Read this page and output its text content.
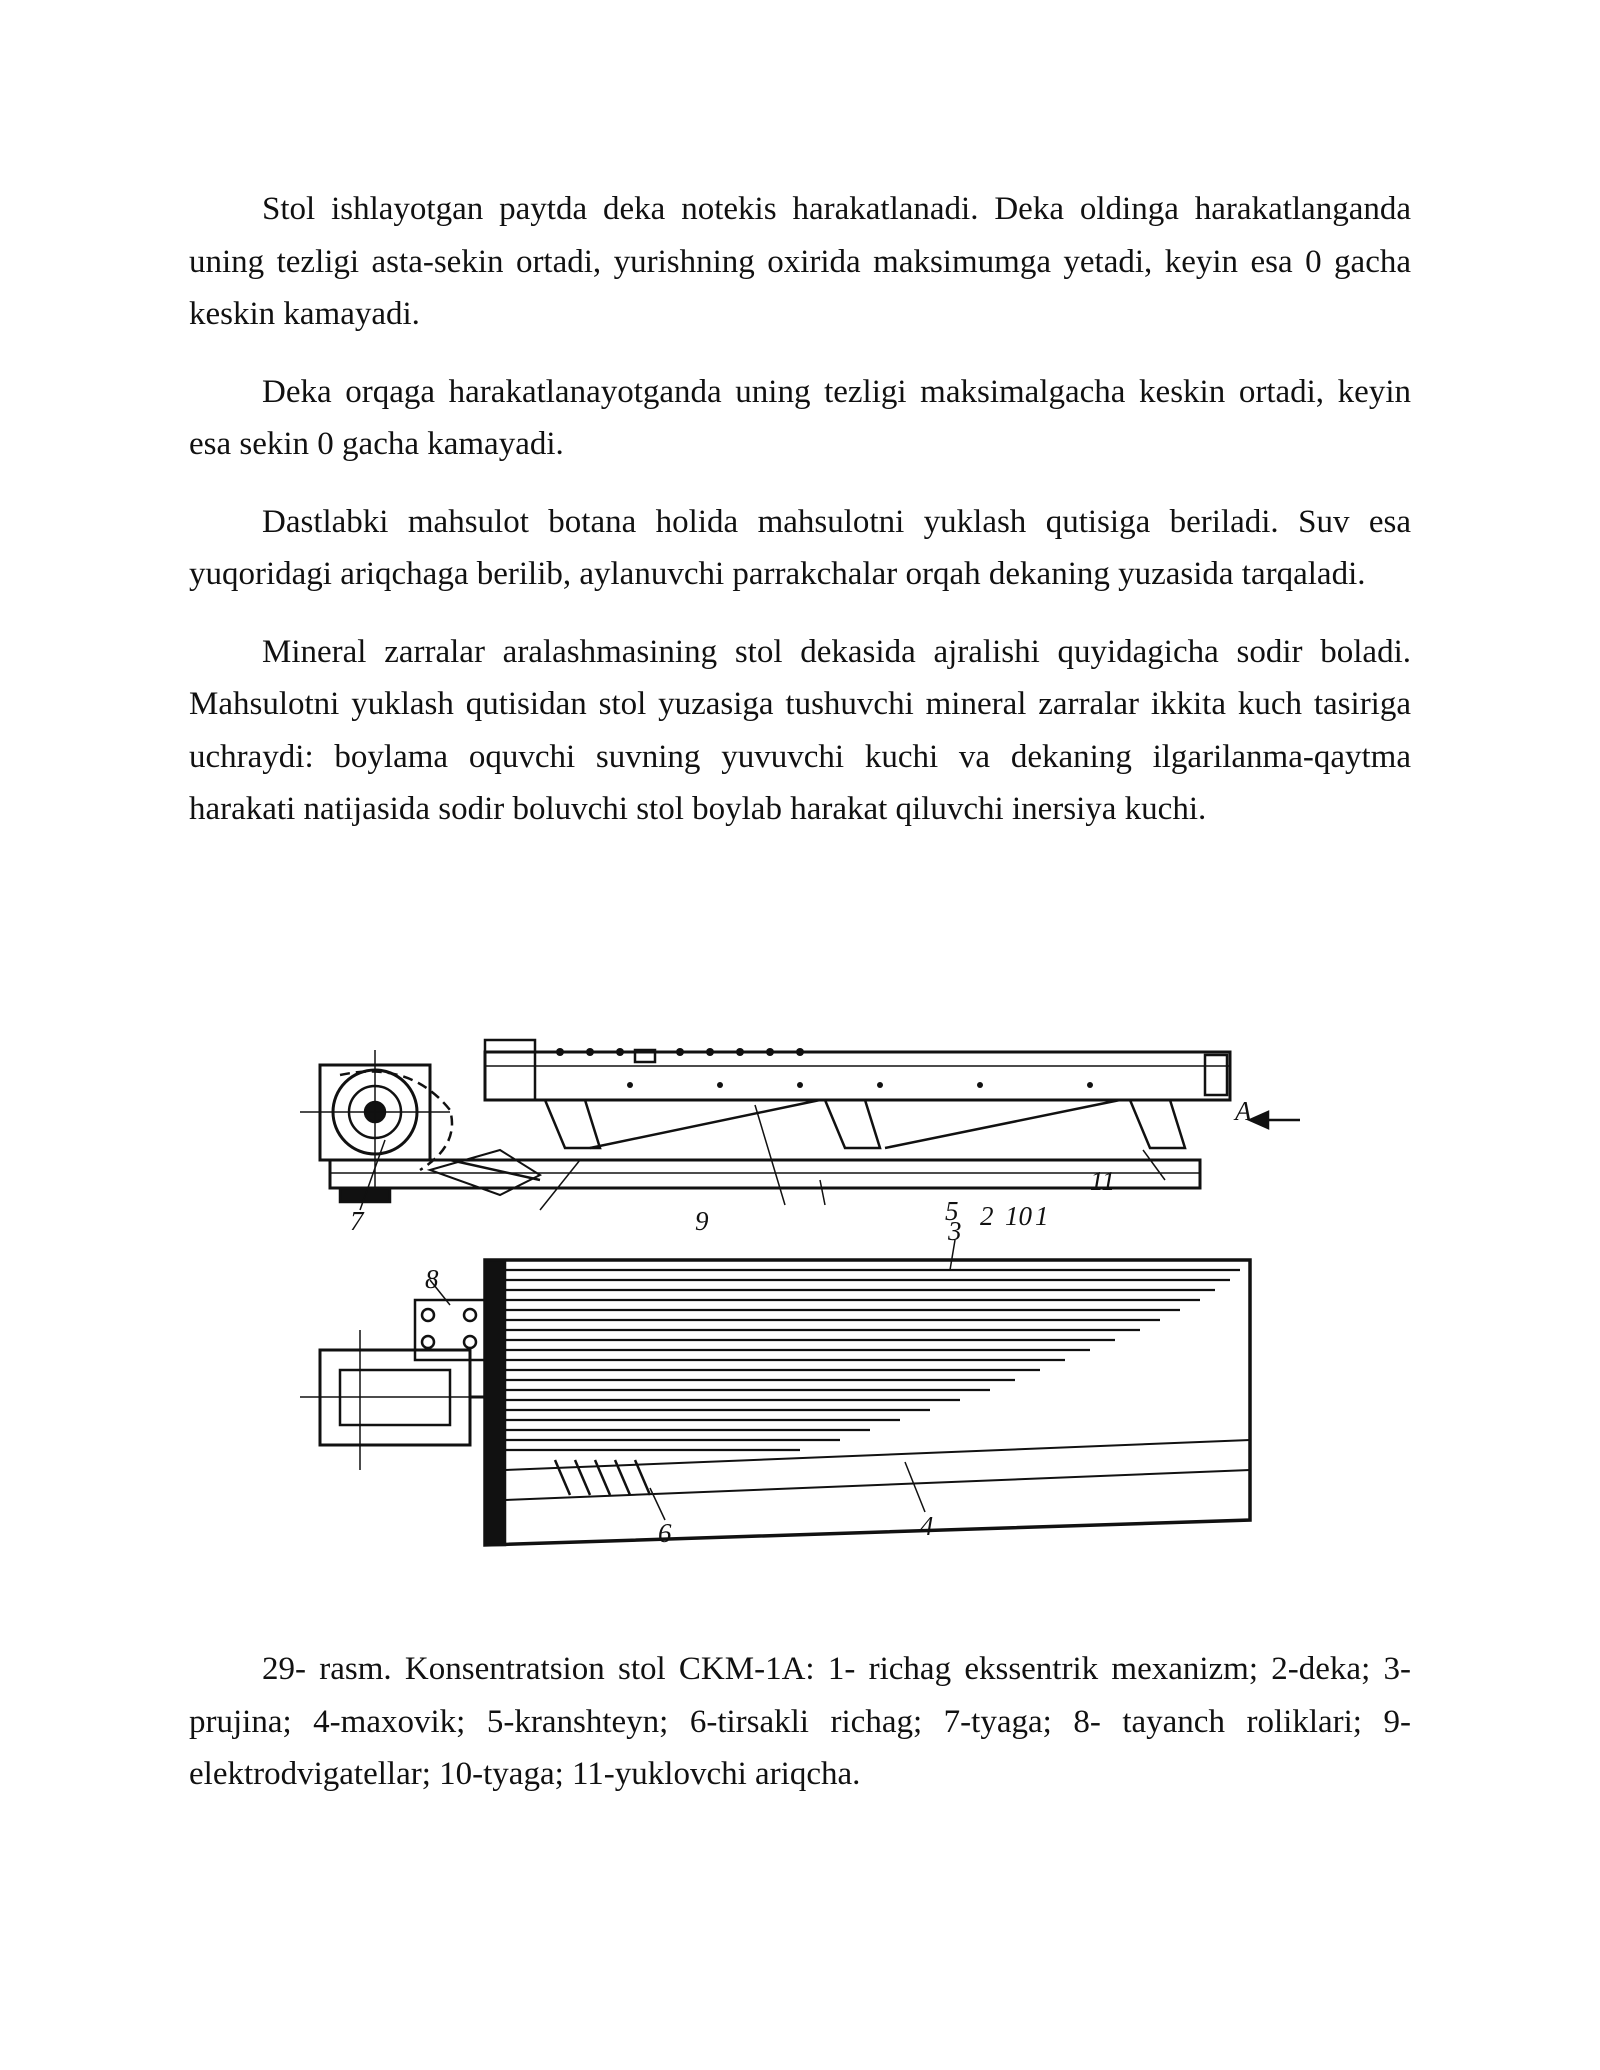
Stol ishlayotgan paytda deka notekis harakatlanadi. Deka oldinga harakatlanganda uning tezligi asta-sekin ortadi, yurishning oxirida maksimumga yetadi, keyin esa 0 gacha keskin kamayadi.

Deka orqaga harakatlanayotganda uning tezligi maksimalgacha keskin ortadi, keyin esa sekin 0 gacha kamayadi.

Dastlabki mahsulot botana holida mahsulotni yuklash qutisiga beriladi. Suv esa yuqoridagi ariqchaga berilib, aylanuvchi parrakchalar orqah dekaning yuzasida tarqaladi.

Mineral zarralar aralashmasining stol dekasida ajralishi quyidagicha sodir boladi. Mahsulotni yuklash qutisidan stol yuzasiga tushuvchi mineral zarralar ikkita kuch tasiriga uchraydi: boylama oquvchi suvning yuvuvchi kuchi va dekaning ilgarilanma-qaytma harakati natijasida sodir boluvchi stol boylab harakat qiluvchi inersiya kuchi.

7	9	5 2 10 1
11
A
3
8
6	4

29- rasm. Konsentratsion stol CKM-1A: 1- richag ekssentrik mexanizm; 2-deka; 3-prujina; 4-maxovik; 5-kranshteyn; 6-tirsakli richag; 7-tyaga; 8- tayanch roliklari; 9-elektrodvigatellar; 10-tyaga; 11-yuklovchi ariqcha.
